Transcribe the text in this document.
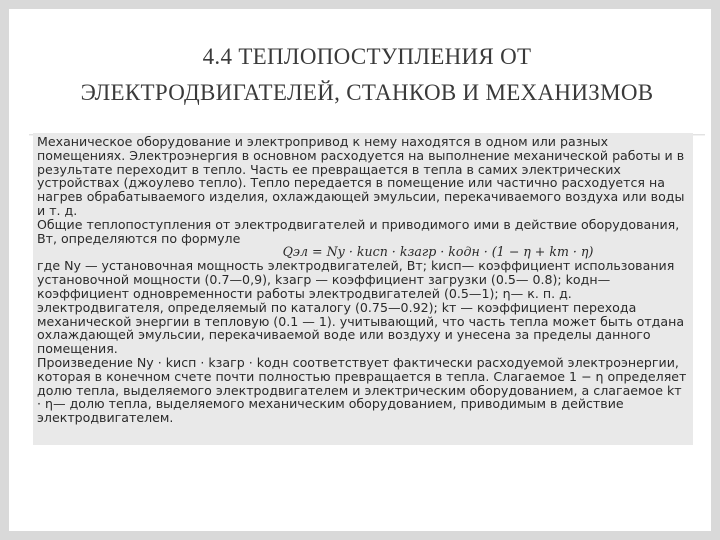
4.4 ТЕПЛОПОСТУПЛЕНИЯ ОТ
ЭЛЕКТРОДВИГАТЕЛЕЙ, СТАНКОВ И МЕХАНИЗМОВ

Механическое оборудование и электропривод к нему находятся в одном или разных помещениях. Электроэнергия в основном расходуется на выполнение механической работы и в результате переходит в тепло. Часть ее превращается в тепла в самих электрических устройствах (джоулево тепло). Тепло передается в помещение или частично расходуется на нагрев обрабатываемого изделия, охлаждающей эмульсии, перекачиваемого воздуха или воды и т. д.

Общие теплопоступления от электродвигателей и приводимого ими в действие оборудования, Вт, определяются по формуле

Qэл = Nу · kисп · kзагр · kодн · (1 − η + kт · η)

где Nу — установочная мощность электродвигателей, Вт; kисп— коэффициент использования установочной мощности (0.7—0,9), kзагр — коэффициент загрузки (0.5— 0.8); kодн—коэффициент одновременности работы электродвигателей (0.5—1); η— к. п. д. электродвигателя, определяемый по каталогу (0.75—0.92); kт — коэффициент перехода механической энергии в тепловую (0.1 — 1). учитывающий, что часть тепла может быть отдана охлаждающей эмульсии, перекачиваемой воде или воздуху и унесена за пределы данного помещения.

Произведение Nу · kисп · kзагр · kодн соответствует фактически расходуемой электроэнергии, которая в конечном счете почти полностью превращается в тепла. Слагаемое 1 − η определяет долю тепла, выделяемого электродвигателем и электрическим оборудованием, а слагаемое kт · η— долю тепла, выделяемого механическим оборудованием, приводимым в действие электродвигателем.
